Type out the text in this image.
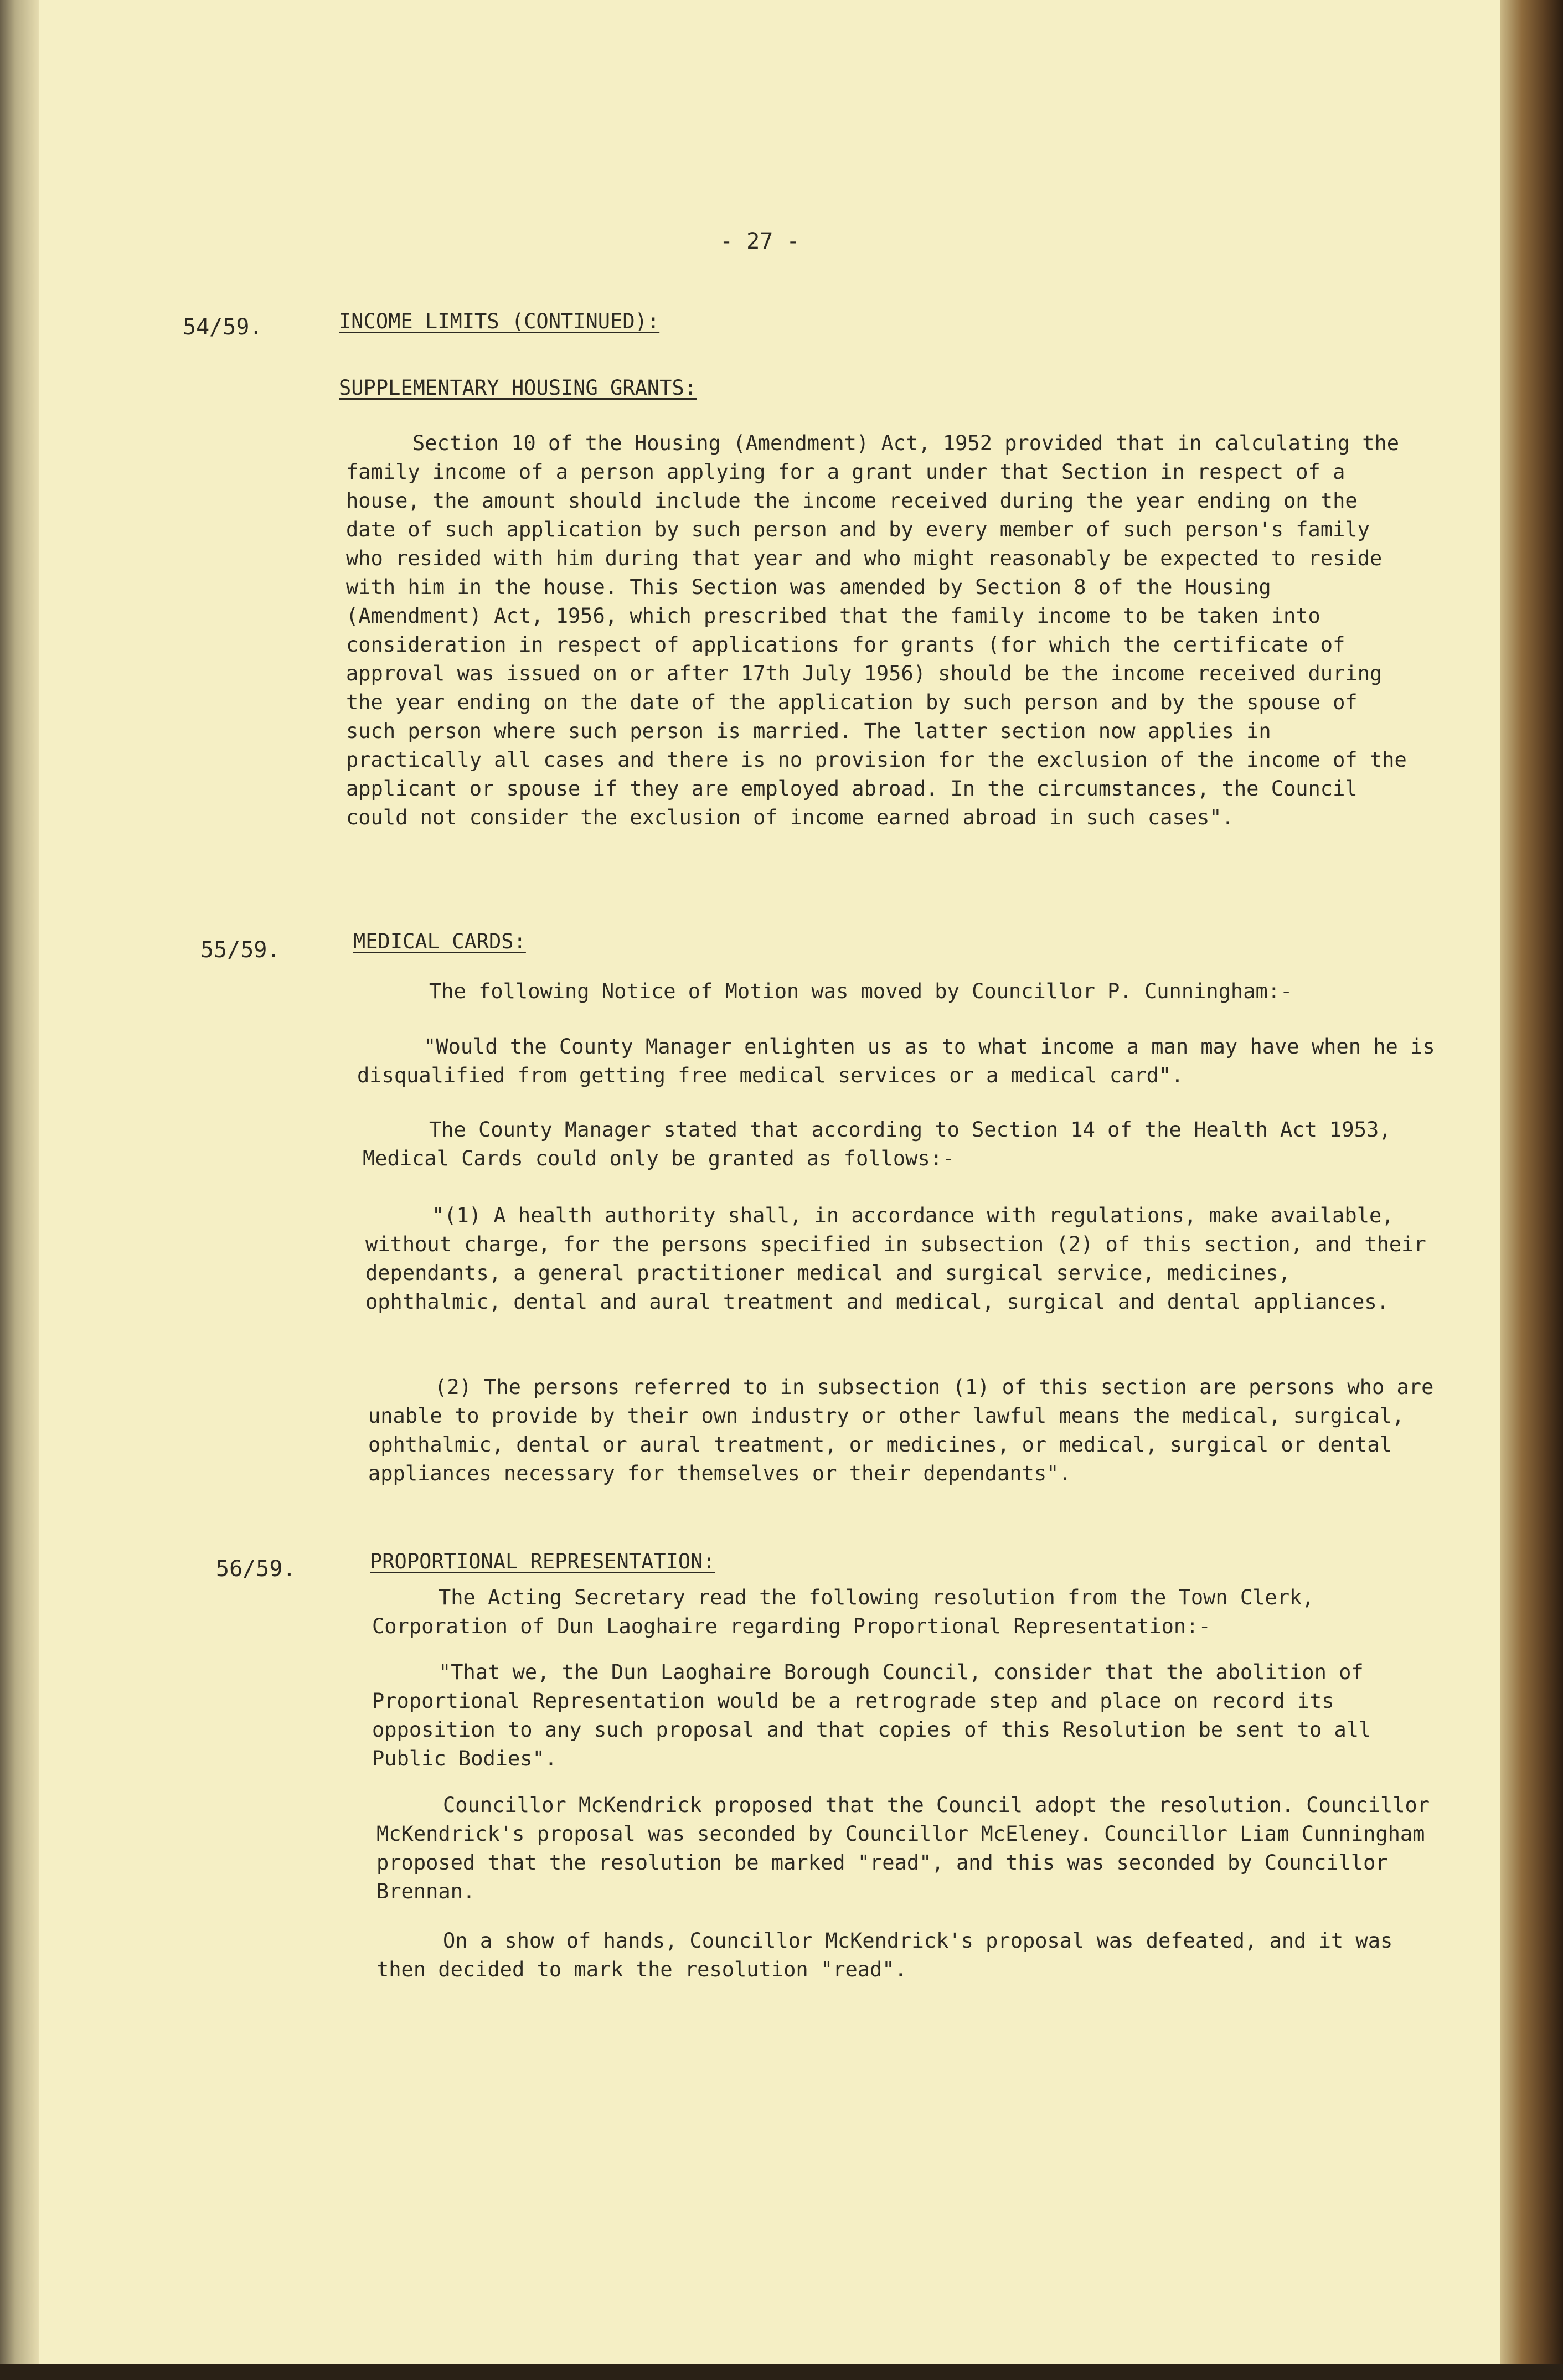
- 27 -
54/59.	INCOME LIMITS (CONTINUED):
SUPPLEMENTARY HOUSING GRANTS:
Section 10 of the Housing (Amendment) Act, 1952 provided that in calculating the family income of a person applying for a grant under that Section in respect of a house, the amount should include the income received during the year ending on the date of such application by such person and by every member of such person's family who resided with him during that year and who might reasonably be expected to reside with him in the house. This Section was amended by Section 8 of the Housing (Amendment) Act, 1956, which prescribed that the family income to be taken into consideration in respect of applications for grants (for which the certificate of approval was issued on or after 17th July 1956) should be the income received during the year ending on the date of the application by such person and by the spouse of such person where such person is married. The latter section now applies in practically all cases and there is no provision for the exclusion of the income of the applicant or spouse if they are employed abroad. In the circumstances, the Council could not consider the exclusion of income earned abroad in such cases".
55/59.	MEDICAL CARDS:
The following Notice of Motion was moved by Councillor P. Cunningham:-
"Would the County Manager enlighten us as to what income a man may have when he is disqualified from getting free medical services or a medical card".
The County Manager stated that according to Section 14 of the Health Act 1953, Medical Cards could only be granted as follows:-
"(1) A health authority shall, in accordance with regulations, make available, without charge, for the persons specified in subsection (2) of this section, and their dependants, a general practitioner medical and surgical service, medicines, ophthalmic, dental and aural treatment and medical, surgical and dental appliances.
(2) The persons referred to in subsection (1) of this section are persons who are unable to provide by their own industry or other lawful means the medical, surgical, ophthalmic, dental or aural treatment, or medicines, or medical, surgical or dental appliances necessary for themselves or their dependants".
56/59.	PROPORTIONAL REPRESENTATION:
The Acting Secretary read the following resolution from the Town Clerk, Corporation of Dun Laoghaire regarding Proportional Representation:-
"That we, the Dun Laoghaire Borough Council, consider that the abolition of Proportional Representation would be a retrograde step and place on record its opposition to any such proposal and that copies of this Resolution be sent to all Public Bodies".
Councillor McKendrick proposed that the Council adopt the resolution. Councillor McKendrick's proposal was seconded by Councillor McEleney. Councillor Liam Cunningham proposed that the resolution be marked "read", and this was seconded by Councillor Brennan.
On a show of hands, Councillor McKendrick's proposal was defeated, and it was then decided to mark the resolution "read".
